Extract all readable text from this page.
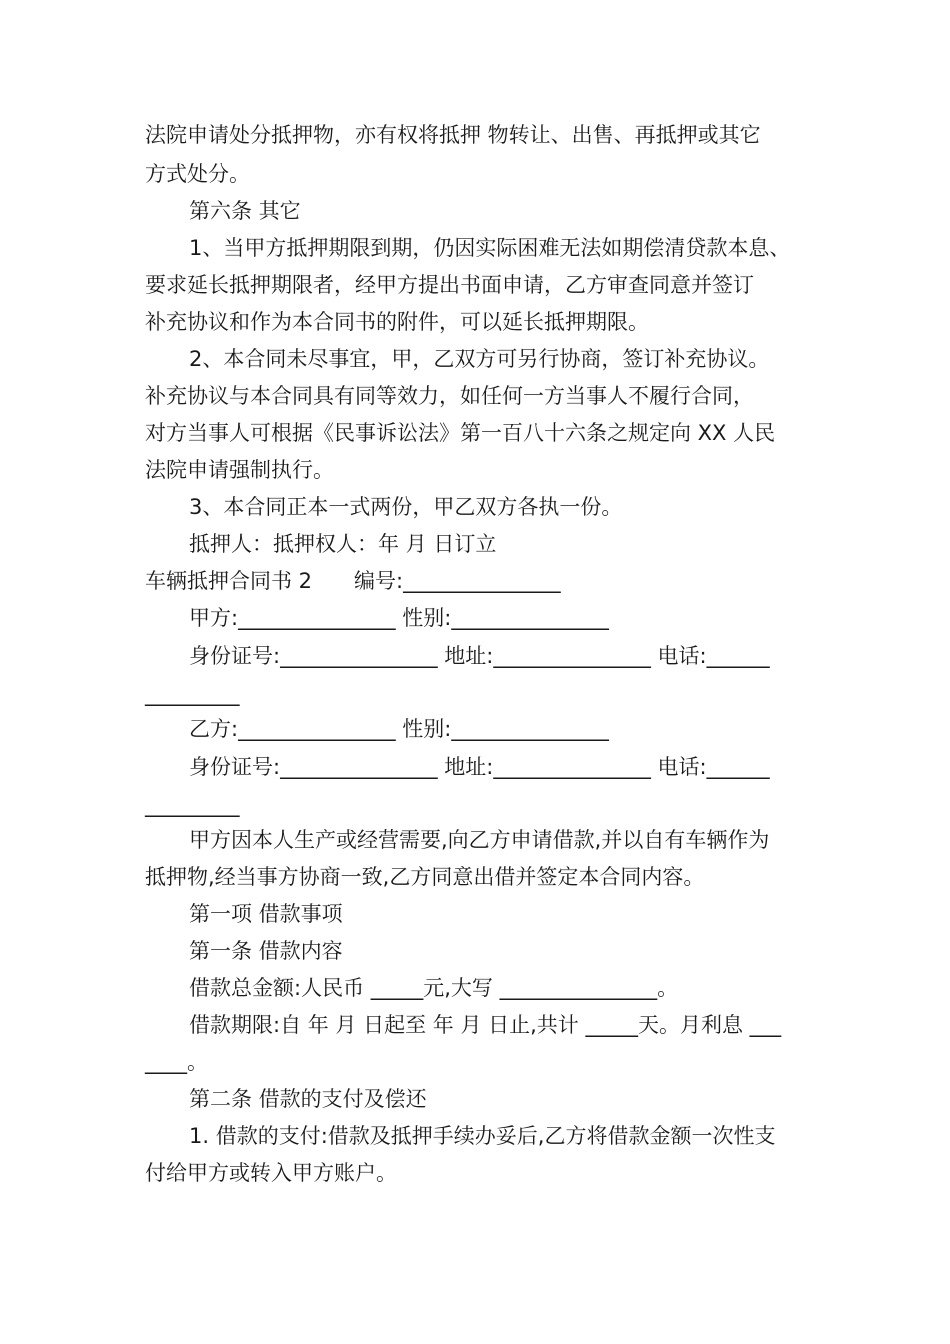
法院申请处分抵押物，亦有权将抵押 物转让、出售、再抵押或其它
方式处分。
第六条 其它
1、当甲方抵押期限到期，仍因实际困难无法如期偿清贷款本息、
要求延长抵押期限者，经甲方提出书面申请，乙方审查同意并签订
补充协议和作为本合同书的附件，可以延长抵押期限。
2、本合同未尽事宜，甲，乙双方可另行协商，签订补充协议。
补充协议与本合同具有同等效力，如任何一方当事人不履行合同，
对方当事人可根据《民事诉讼法》第一百八十六条之规定向 XX 人民
法院申请强制执行。
3、本合同正本一式两份，甲乙双方各执一份。
抵押人：抵押权人：年 月 日订立
车辆抵押合同书 2　　编号:_______________
甲方:_______________ 性别:_______________
身份证号:_______________ 地址:_______________ 电话:______
_________
乙方:_______________ 性别:_______________
身份证号:_______________ 地址:_______________ 电话:______
_________
甲方因本人生产或经营需要,向乙方申请借款,并以自有车辆作为
抵押物,经当事方协商一致,乙方同意出借并签定本合同内容。
第一项 借款事项
第一条 借款内容
借款总金额:人民币 _____元,大写 _______________。
借款期限:自 年 月 日起至 年 月 日止,共计 _____天。月利息 ___
____。
第二条 借款的支付及偿还
1. 借款的支付:借款及抵押手续办妥后,乙方将借款金额一次性支
付给甲方或转入甲方账户。
